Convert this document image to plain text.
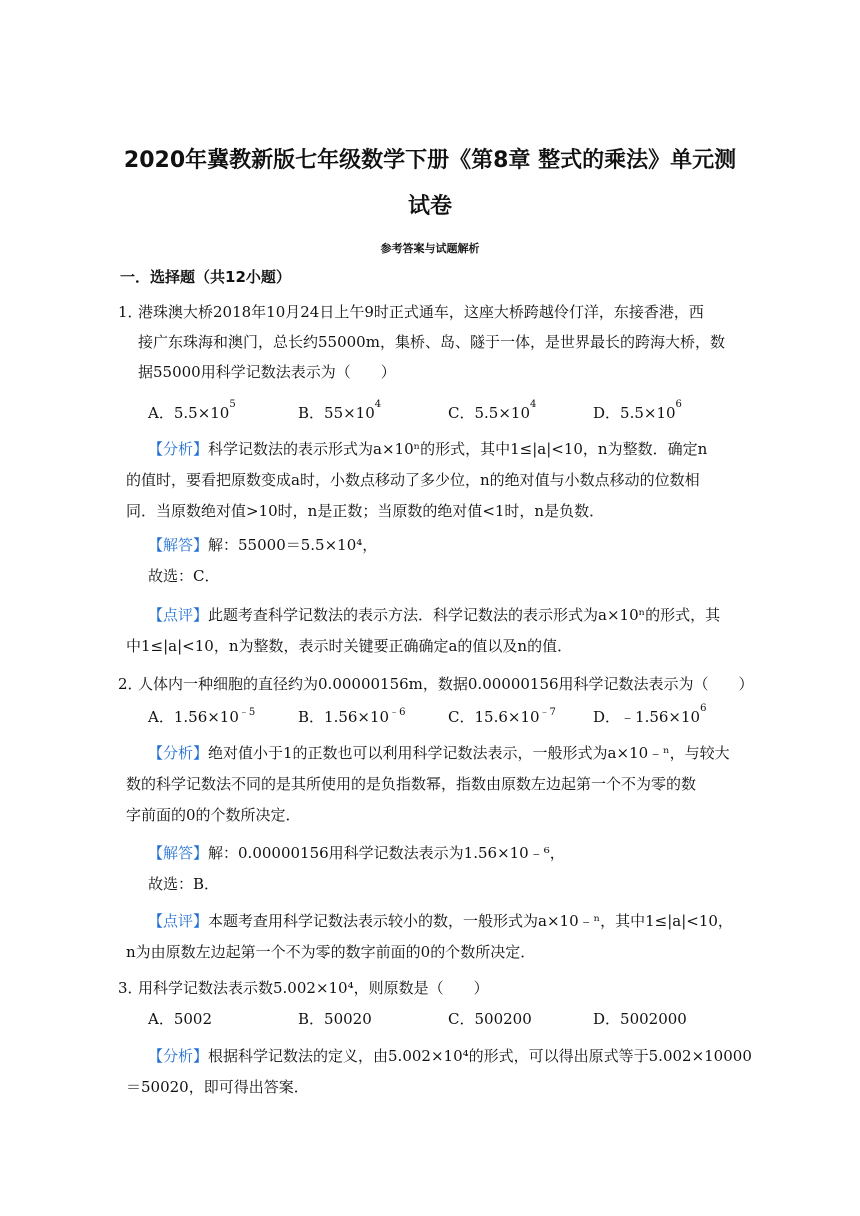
2020年冀教新版七年级数学下册《第8章 整式的乘法》单元测
试卷

参考答案与试题解析

一．选择题（共12小题）

1．
港珠澳大桥2018年10月24日上午9时正式通车，这座大桥跨越伶仃洋，东接香港，西
接广东珠海和澳门，总长约55000m，集桥、岛、隧于一体，是世界最长的跨海大桥，数
据55000用科学记数法表示为（　　）
A．$5.5\times 10^5$	B．$55\times 10^4$	C．$5.5\times 10^4$	D．$5.5\times 10^6$

【分析】科学记数法的表示形式为a×10ⁿ的形式，其中1≤|a|<10，n为整数．确定n

的值时，要看把原数变成a时，小数点移动了多少位，n的绝对值与小数点移动的位数相

同．当原数绝对值>10时，n是正数；当原数的绝对值<1时，n是负数．

【解答】解：55000＝5.5×10⁴，

故选：C．

【点评】此题考查科学记数法的表示方法．科学记数法的表示形式为a×10ⁿ的形式，其

中1≤|a|<10，n为整数，表示时关键要正确确定a的值以及n的值．

2．
人体内一种细胞的直径约为0.00000156m，数据0.00000156用科学记数法表示为（　　）
A．$1.56\times 10^{﹣5}$	B．$1.56\times 10^{﹣6}$	C．$15.6\times 10^{﹣7}$ D．$﹣1.56\times 10^6$

【分析】绝对值小于1的正数也可以利用科学记数法表示，一般形式为a×10﹣ⁿ，与较大

数的科学记数法不同的是其所使用的是负指数幂，指数由原数左边起第一个不为零的数

字前面的0的个数所决定．

【解答】解：0.00000156用科学记数法表示为1.56×10﹣⁶，

故选：B．

【点评】本题考查用科学记数法表示较小的数，一般形式为a×10﹣ⁿ，其中1≤|a|<10，

n为由原数左边起第一个不为零的数字前面的0的个数所决定．

3．
用科学记数法表示数5.002×10⁴，则原数是（　　）
A．5002	B．50020	C．500200	D．5002000

【分析】根据科学记数法的定义，由5.002×10⁴的形式，可以得出原式等于5.002×10000

＝50020，即可得出答案．
